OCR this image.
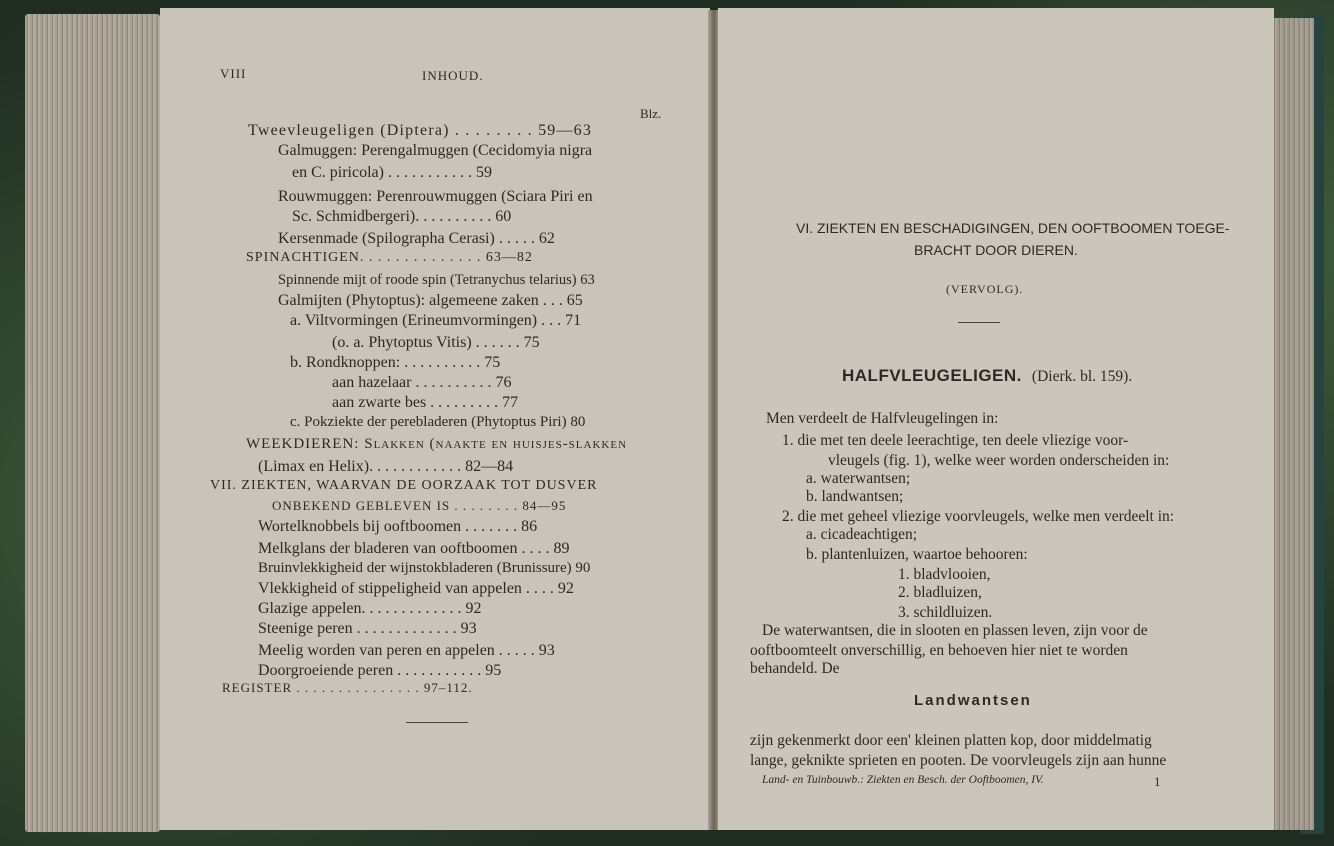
VIII	INHOUD.
Blz.
Tweevleugeligen (Diptera) . . . . . . . . 59—63
Galmuggen: Perengalmuggen (Cecidomyia nigra
en C. piricola) . . . . . . . . . . . 59
Rouwmuggen: Perenrouwmuggen (Sciara Piri en
Sc. Schmidbergeri). . . . . . . . . . 60
Kersenmade (Spilographa Cerasi) . . . . . 62
SPINACHTIGEN. . . . . . . . . . . . . . 63—82
Spinnende mijt of roode spin (Tetranychus telarius) 63
Galmijten (Phytoptus): algemeene zaken . . . 65
a. Viltvormingen (Erineumvormingen) . . . 71
(o. a. Phytoptus Vitis) . . . . . . 75
b. Rondknoppen: . . . . . . . . . . 75
aan hazelaar . . . . . . . . . . 76
aan zwarte bes . . . . . . . . . 77
c. Pokziekte der perebladeren (Phytoptus Piri) 80
WEEKDIEREN: Slakken (naakte en huisjes-slakken
(Limax en Helix). . . . . . . . . . . . 82—84
VII. ZIEKTEN, WAARVAN DE OORZAAK TOT DUSVER
ONBEKEND GEBLEVEN IS . . . . . . . . 84—95
Wortelknobbels bij ooftboomen . . . . . . . 86
Melkglans der bladeren van ooftboomen . . . . 89
Bruinvlekkigheid der wijnstokbladeren (Brunissure) 90
Vlekkigheid of stippeligheid van appelen . . . . 92
Glazige appelen. . . . . . . . . . . . . 92
Steenige peren . . . . . . . . . . . . . 93
Meelig worden van peren en appelen . . . . . 93
Doorgroeiende peren . . . . . . . . . . . 95
REGISTER . . . . . . . . . . . . . . . 97–112.
VI. ZIEKTEN EN BESCHADIGINGEN, DEN OOFTBOOMEN TOEGE-
BRACHT DOOR DIEREN.
(VERVOLG).
HALFVLEUGELIGEN. (Dierk. bl. 159).
Men verdeelt de Halfvleugelingen in:
1. die met ten deele leerachtige, ten deele vliezige voor-
vleugels (fig. 1), welke weer worden onderscheiden in:
a. waterwantsen;
b. landwantsen;
2. die met geheel vliezige voorvleugels, welke men verdeelt in:
a. cicadeachtigen;
b. plantenluizen, waartoe behooren:
1. bladvlooien,
2. bladluizen,
3. schildluizen.
De waterwantsen, die in slooten en plassen leven, zijn voor de
ooftboomteelt onverschillig, en behoeven hier niet te worden
behandeld. De
Landwantsen
zijn gekenmerkt door een' kleinen platten kop, door middelmatig
lange, geknikte sprieten en pooten. De voorvleugels zijn aan hunne
Land- en Tuinbouwb.: Ziekten en Besch. der Ooftboomen, IV.	1
